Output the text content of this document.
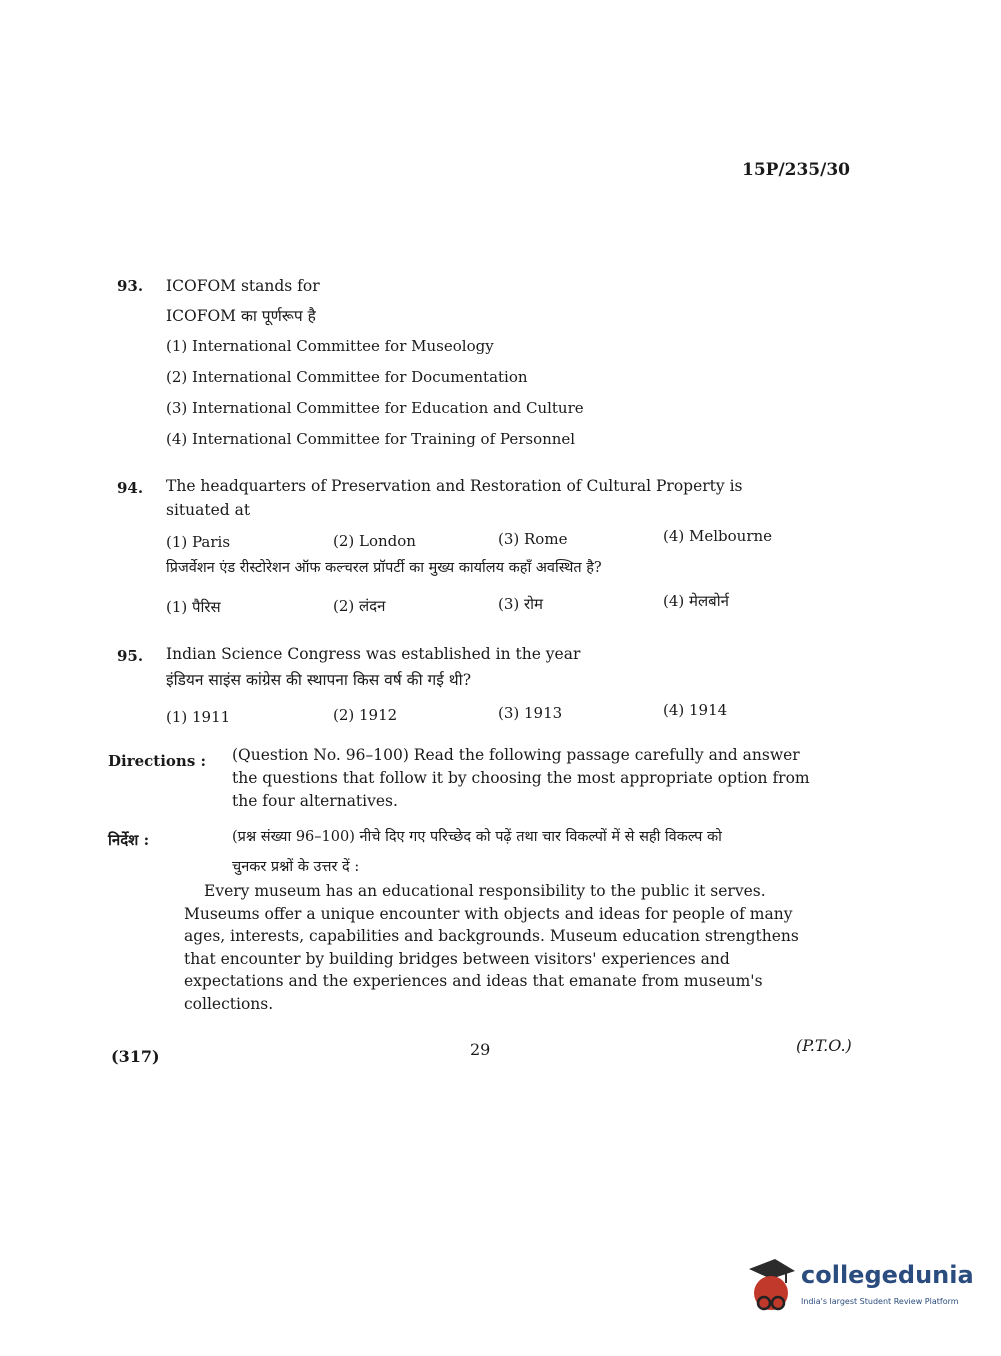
15P/235/30
93. ICOFOM stands for
ICOFOM का पूर्णरूप है
(1) International Committee for Museology
(2) International Committee for Documentation
(3) International Committee for Education and Culture
(4) International Committee for Training of Personnel
94. The headquarters of Preservation and Restoration of Cultural Property is
situated at
(1) Paris	(2) London	(3) Rome	(4) Melbourne
प्रिजर्वेशन एंड रीस्टोरेशन ऑफ कल्चरल प्रॉपर्टी का मुख्य कार्यालय कहाँ अवस्थित है?
(1) पैरिस	(2) लंदन	(3) रोम	(4) मेलबोर्न
95. Indian Science Congress was established in the year
इंडियन साइंस कांग्रेस की स्थापना किस वर्ष की गई थी?
(1) 1911	(2) 1912	(3) 1913	(4) 1914
Directions : (Question No. 96–100) Read the following passage carefully and answer
the questions that follow it by choosing the most appropriate option from
the four alternatives.
निर्देश :	(प्रश्न संख्या 96–100) नीचे दिए गए परिच्छेद को पढ़ें तथा चार विकल्पों में से सही विकल्प को
चुनकर प्रश्नों के उत्तर दें :
Every museum has an educational responsibility to the public it serves.
Museums offer a unique encounter with objects and ideas for people of many
ages, interests, capabilities and backgrounds. Museum education strengthens
that encounter by building bridges between visitors' experiences and
expectations and the experiences and ideas that emanate from museum's
collections.
(317)	29	(P.T.O.)
collegedunia
India's largest Student Review Platform
